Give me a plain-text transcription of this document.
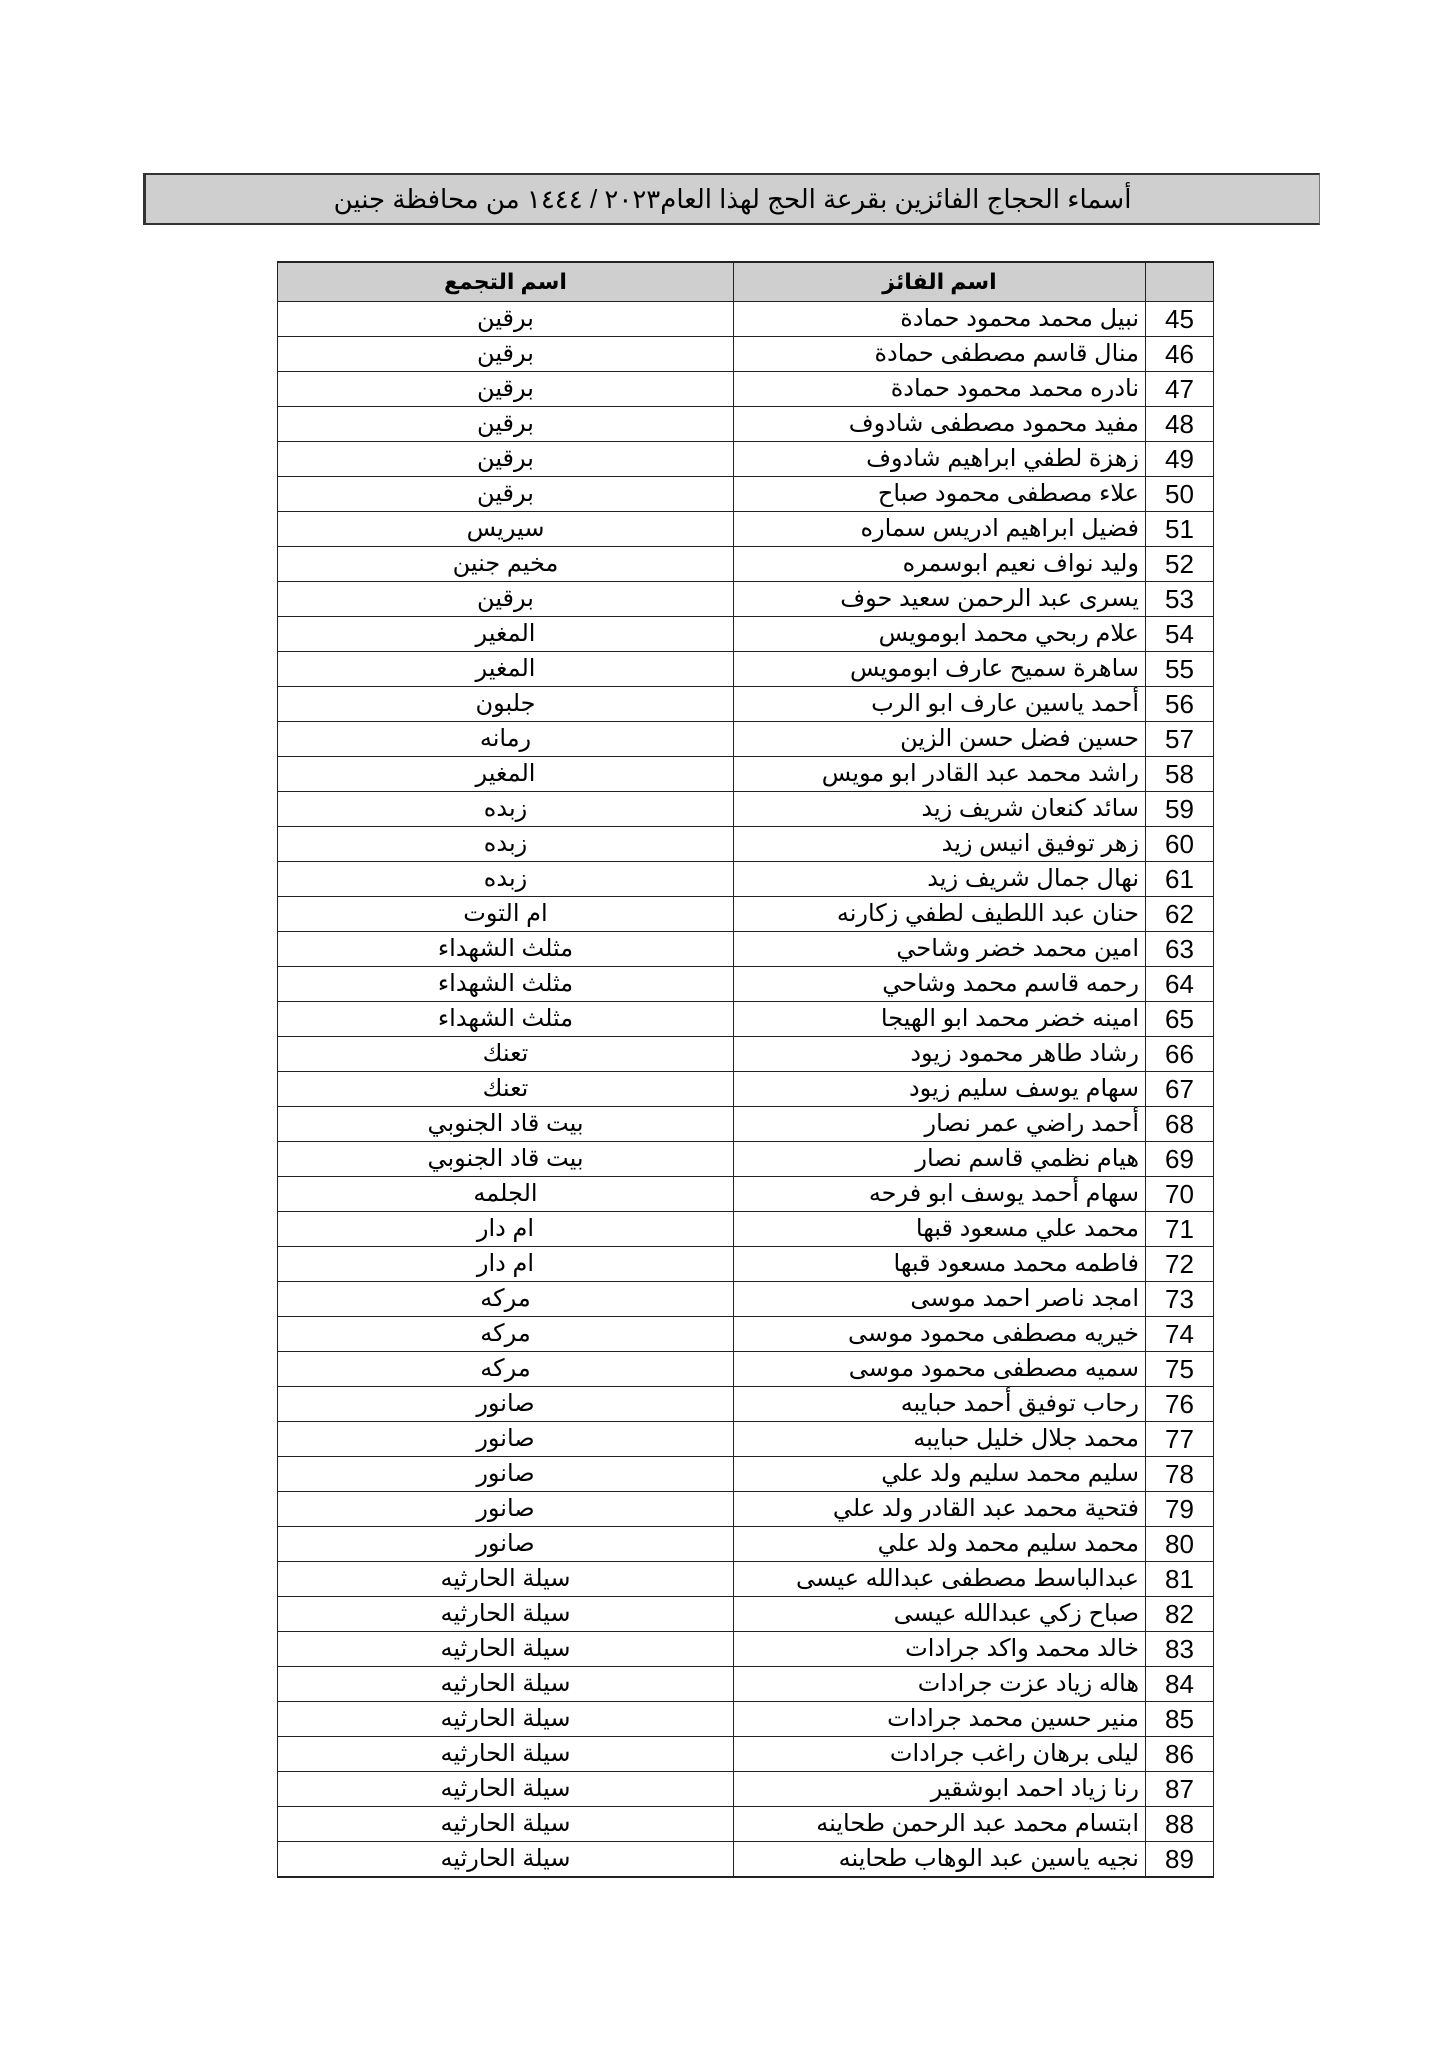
أسماء الحجاج الفائزين بقرعة الحج لهذا العام٢٠٢٣ / ١٤٤٤ من محافظة جنين
	اسم الفائز	اسم التجمع
45	نبيل محمد محمود حمادة	برقين
46	منال قاسم مصطفى حمادة	برقين
47	نادره محمد محمود حمادة	برقين
48	مفيد محمود مصطفى شادوف	برقين
49	زهزة لطفي ابراهيم شادوف	برقين
50	علاء مصطفى محمود صباح	برقين
51	فضيل ابراهيم ادريس سماره	سيريس
52	وليد نواف نعيم ابوسمره	مخيم جنين
53	يسرى عبد الرحمن سعيد حوف	برقين
54	علام ربحي محمد ابومويس	المغير
55	ساهرة سميح عارف ابومويس	المغير
56	أحمد ياسين عارف ابو الرب	جلبون
57	حسين فضل حسن الزين	رمانه
58	راشد محمد عبد القادر ابو مويس	المغير
59	سائد كنعان شريف زيد	زبده
60	زهر توفيق انيس زيد	زبده
61	نهال جمال شريف زيد	زبده
62	حنان عبد اللطيف لطفي زكارنه	ام التوت
63	امين محمد خضر وشاحي	مثلث الشهداء
64	رحمه قاسم محمد وشاحي	مثلث الشهداء
65	امينه خضر محمد ابو الهيجا	مثلث الشهداء
66	رشاد طاهر محمود زيود	تعنك
67	سهام يوسف سليم زيود	تعنك
68	أحمد راضي عمر نصار	بيت قاد الجنوبي
69	هيام نظمي قاسم نصار	بيت قاد الجنوبي
70	سهام أحمد يوسف ابو فرحه	الجلمه
71	محمد علي مسعود قبها	ام دار
72	فاطمه محمد مسعود قبها	ام دار
73	امجد ناصر احمد موسى	مركه
74	خيريه مصطفى محمود موسى	مركه
75	سميه مصطفى محمود موسى	مركه
76	رحاب توفيق أحمد حبايبه	صانور
77	محمد جلال خليل حبايبه	صانور
78	سليم محمد سليم ولد علي	صانور
79	فتحية محمد عبد القادر ولد علي	صانور
80	محمد سليم محمد ولد علي	صانور
81	عبدالباسط مصطفى عبدالله عيسى	سيلة الحارثيه
82	صباح زكي عبدالله عيسى	سيلة الحارثيه
83	خالد محمد واكد جرادات	سيلة الحارثيه
84	هاله زياد عزت جرادات	سيلة الحارثيه
85	منير حسين محمد جرادات	سيلة الحارثيه
86	ليلى برهان راغب جرادات	سيلة الحارثيه
87	رنا زياد احمد ابوشقير	سيلة الحارثيه
88	ابتسام محمد عبد الرحمن طحاينه	سيلة الحارثيه
89	نجيه ياسين عبد الوهاب طحاينه	سيلة الحارثيه
